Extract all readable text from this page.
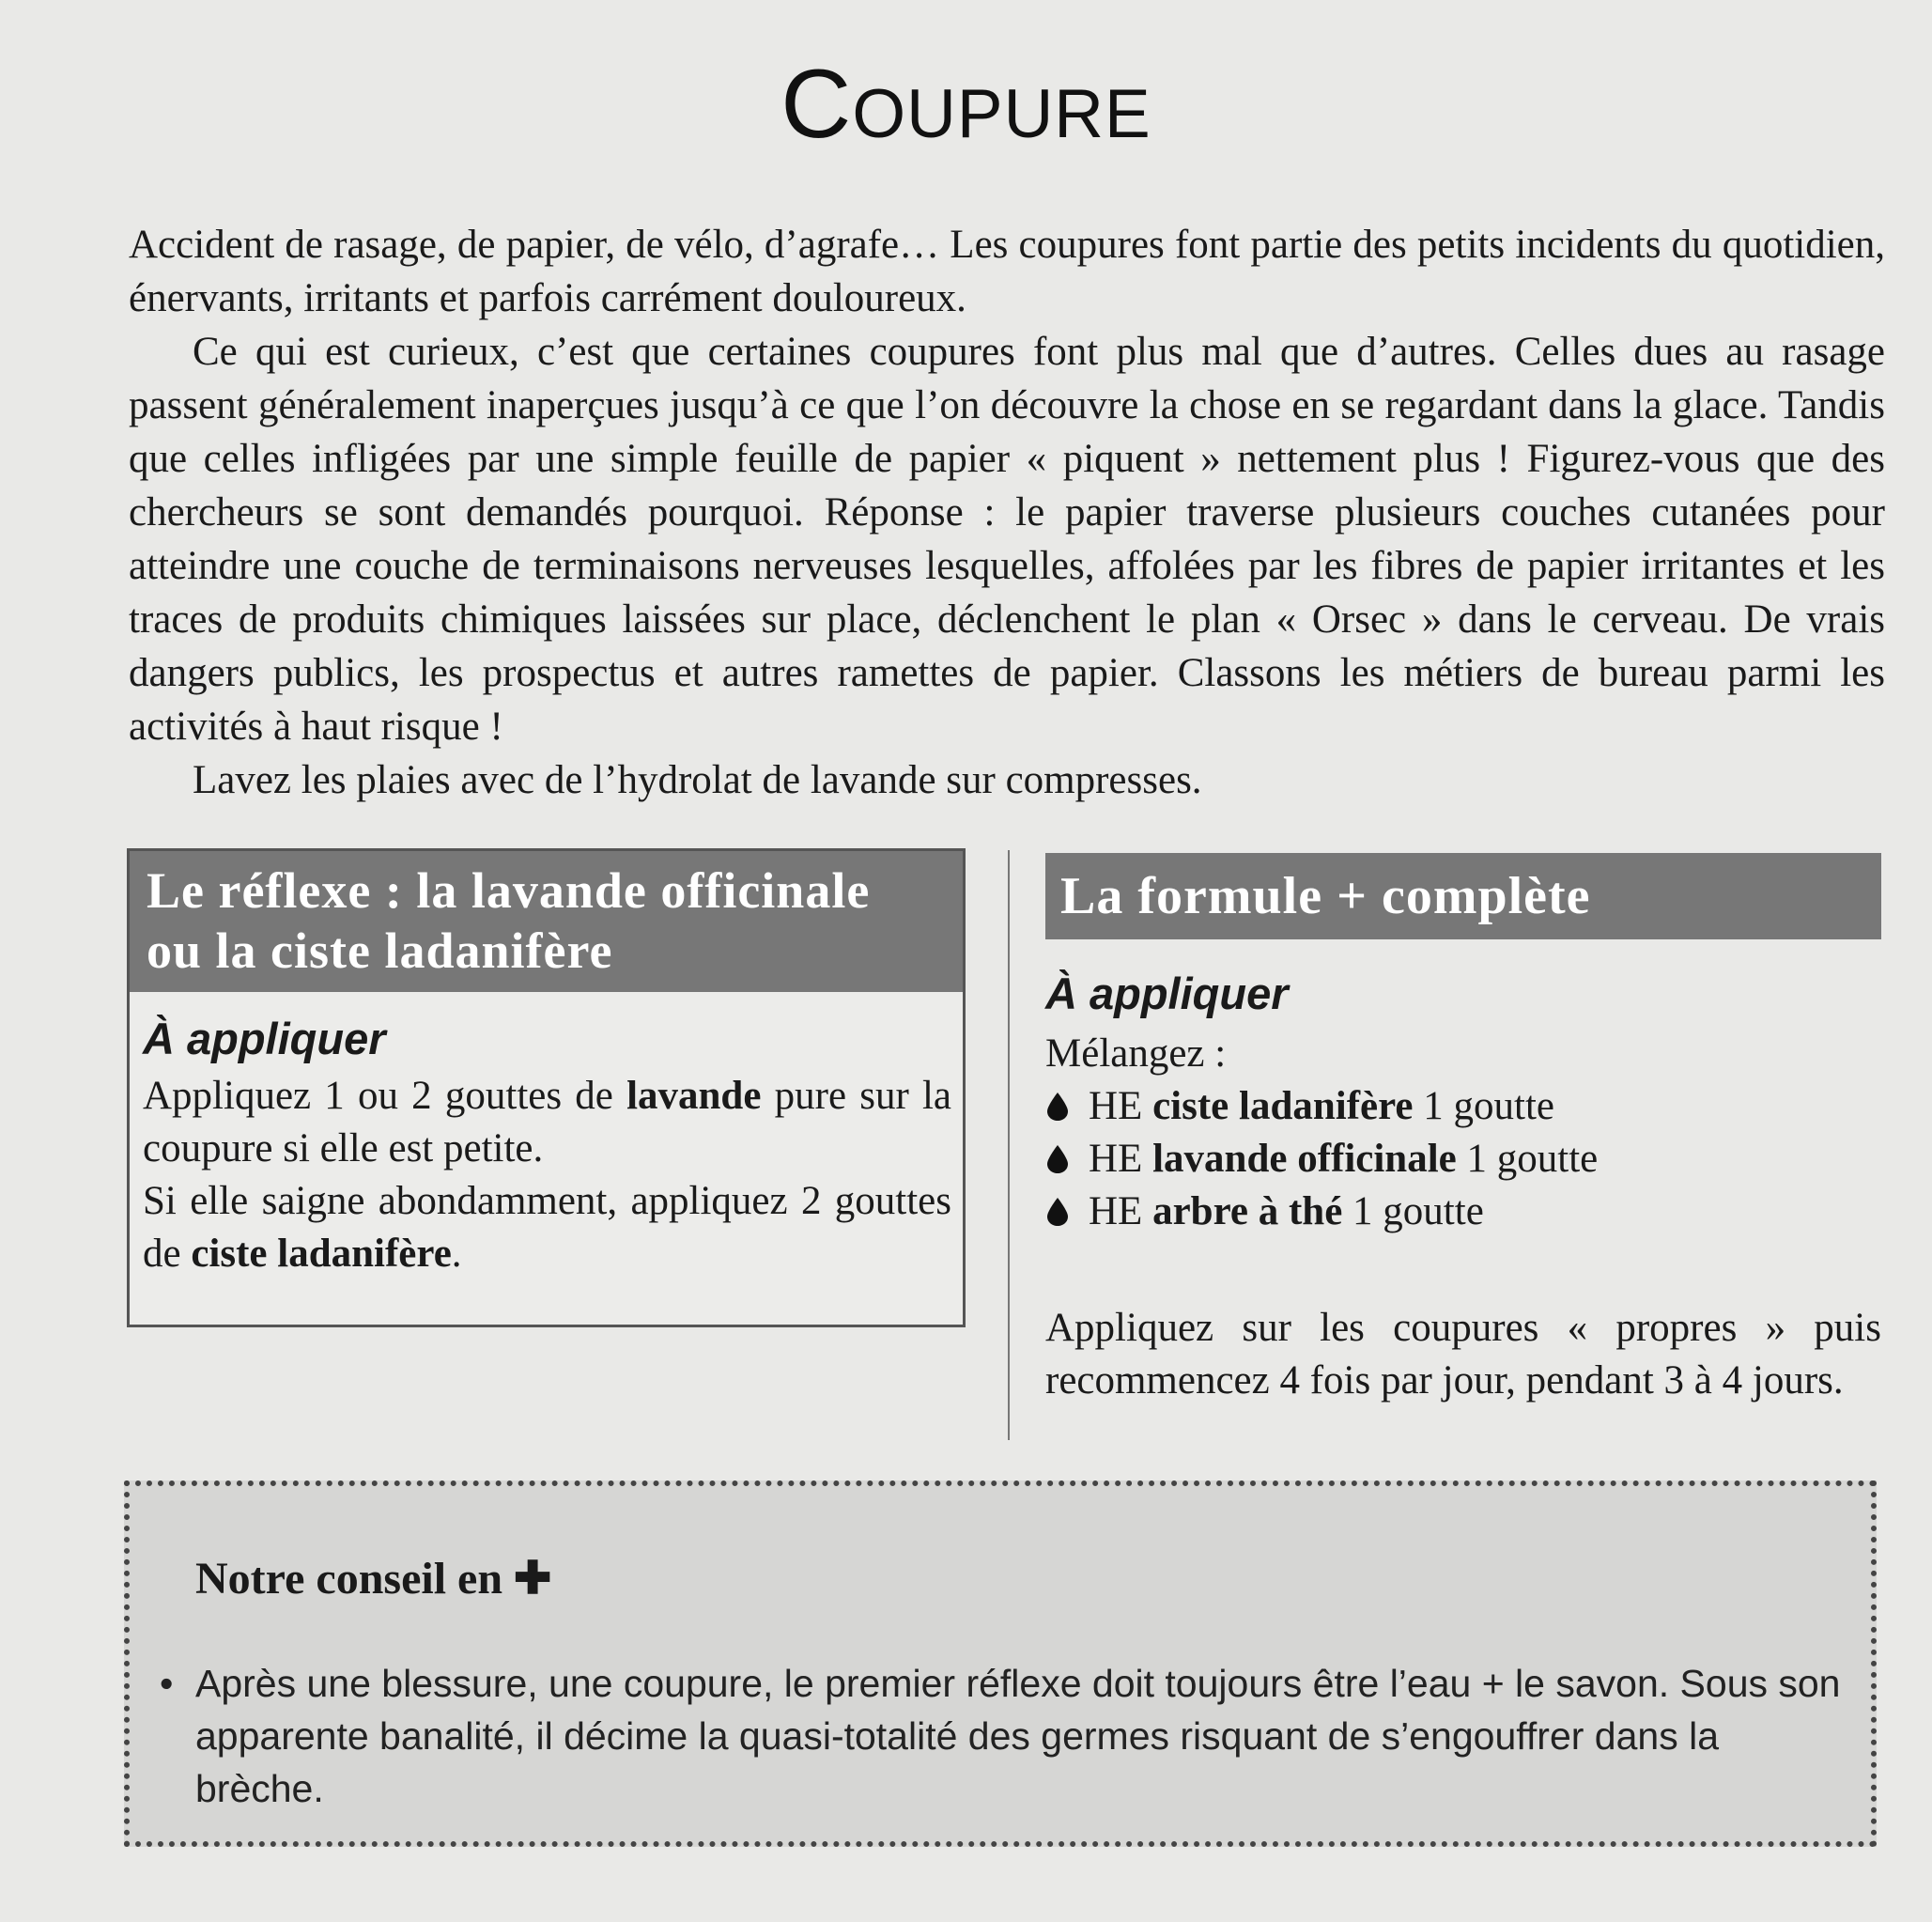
Coupure

Accident de rasage, de papier, de vélo, d’agrafe… Les coupures font partie des petits incidents du quotidien, énervants, irritants et parfois carrément douloureux.

Ce qui est curieux, c’est que certaines coupures font plus mal que d’autres. Celles dues au rasage passent généralement inaperçues jusqu’à ce que l’on découvre la chose en se regardant dans la glace. Tandis que celles infligées par une simple feuille de papier « piquent » nettement plus ! Figurez-vous que des chercheurs se sont demandés pourquoi. Réponse : le papier traverse plusieurs couches cutanées pour atteindre une couche de terminaisons nerveuses lesquelles, affolées par les fibres de papier irritantes et les traces de produits chimiques laissées sur place, déclenchent le plan « Orsec » dans le cerveau. De vrais dangers publics, les prospectus et autres ramettes de papier. Classons les métiers de bureau parmi les activités à haut risque !

Lavez les plaies avec de l’hydrolat de lavande sur compresses.

Le réflexe : la lavande officinale
ou la ciste ladanifère
À appliquer
Appliquez 1 ou 2 gouttes de lavande pure sur la coupure si elle est petite.
Si elle saigne abondamment, appliquez 2 gouttes de ciste ladanifère.
La formule + complète
À appliquer
Mélangez :
HE ciste ladanifère 1 goutte
HE lavande officinale 1 goutte
HE arbre à thé 1 goutte
Appliquez sur les coupures « propres » puis recommencez 4 fois par jour, pendant 3 à 4 jours.
Notre conseil en ✚
• Après une blessure, une coupure, le premier réflexe doit toujours être l’eau + le savon. Sous son apparente banalité, il décime la quasi-totalité des germes risquant de s’engouffrer dans la brèche.
